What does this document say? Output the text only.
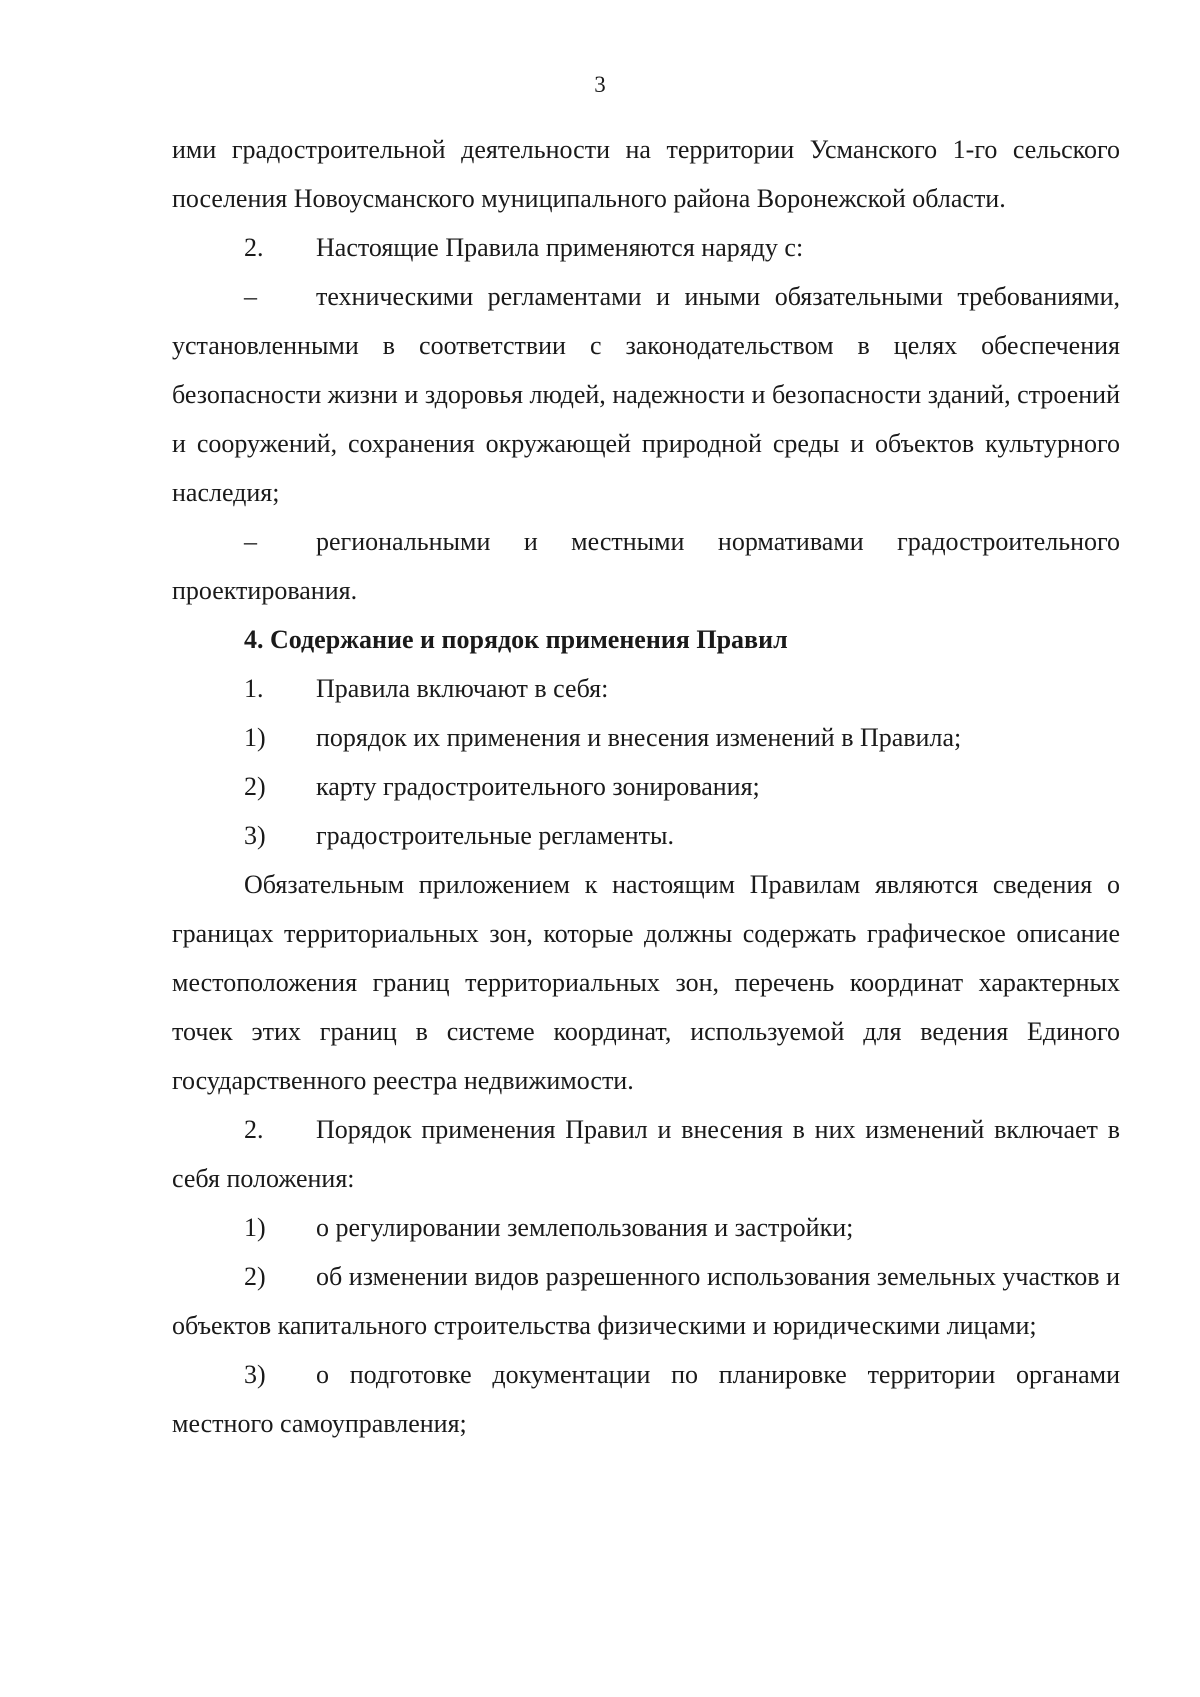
3

ими градостроительной деятельности на территории Усманского 1-го сельского поселения Новоусманского муниципального района Воронежской области.

2. Настоящие Правила применяются наряду с:

– техническими регламентами и иными обязательными требованиями, установленными в соответствии с законодательством в целях обеспечения безопасности жизни и здоровья людей, надежности и безопасности зданий, строений и сооружений, сохранения окружающей природной среды и объектов культурного наследия;

– региональными и местными нормативами градостроительного проектирования.

4. Содержание и порядок применения Правил

1. Правила включают в себя:

1) порядок их применения и внесения изменений в Правила;

2) карту градостроительного зонирования;

3) градостроительные регламенты.

Обязательным приложением к настоящим Правилам являются сведения о границах территориальных зон, которые должны содержать графическое описание местоположения границ территориальных зон, перечень координат характерных точек этих границ в системе координат, используемой для ведения Единого государственного реестра недвижимости.

2. Порядок применения Правил и внесения в них изменений включает в себя положения:

1) о регулировании землепользования и застройки;

2) об изменении видов разрешенного использования земельных участков и объектов капитального строительства физическими и юридическими лицами;

3) о подготовке документации по планировке территории органами местного самоуправления;
